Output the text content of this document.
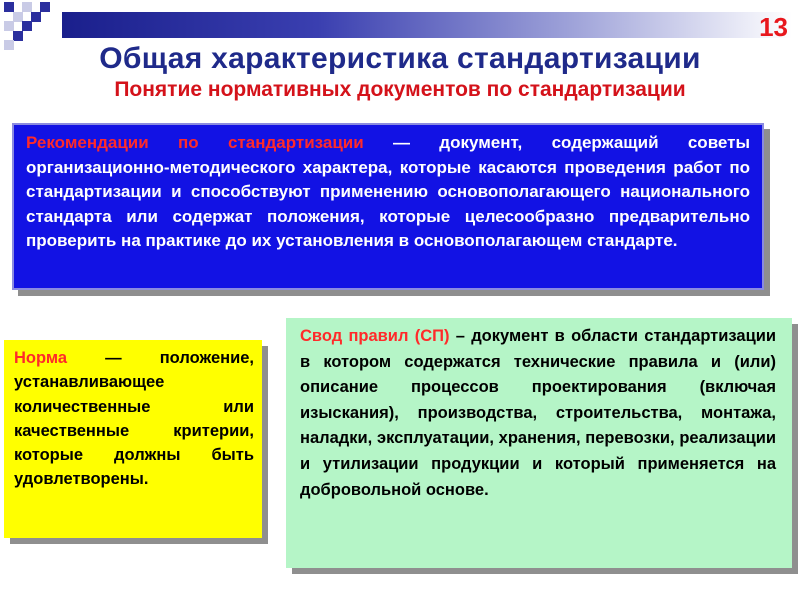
13
Общая характеристика стандартизации
Понятие нормативных документов по стандартизации
Рекомендации по стандартизации — документ, содержащий советы организационно-методического характера, которые касаются проведения работ по стандартизации и способствуют применению основополагающего национального стандарта или содержат положения, которые целесообразно предварительно проверить на практике до их установления в основополагающем стандарте.
Норма — положение, устанавливающее количественные или качественные критерии, которые должны быть удовлетворены.
Свод правил (СП) – документ в области стандартизации в котором содержатся технические правила и (или) описание процессов проектирования (включая изыскания), производства, строительства, монтажа, наладки, эксплуатации, хранения, перевозки, реализации и утилизации продукции и который применяется на добровольной основе.
